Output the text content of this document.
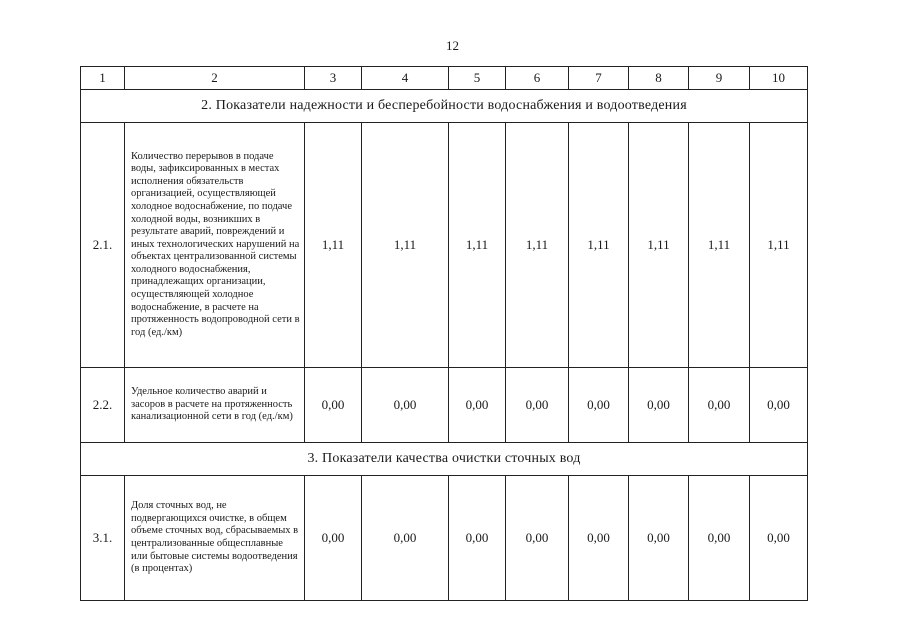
12
1	2	3	4	5	6	7	8	9	10
2. Показатели надежности и бесперебойности водоснабжения и водоотведения									
2.1.	Количество перерывов в подаче воды, зафиксированных в местах исполнения обязательств организацией, осуществляющей холодное водоснабжение, по подаче холодной воды, возникших в результате аварий, повреждений и иных технологических нарушений на объектах централизованной системы холодного водоснабжения, принадлежащих организации, осуществляющей холодное водоснабжение, в расчете на протяженность водопроводной сети в год (ед./км)	1,11	1,11	1,11	1,11	1,11	1,11	1,11	1,11
2.2.	Удельное количество аварий и засоров в расчете на протяженность канализационной сети в год (ед./км)	0,00	0,00	0,00	0,00	0,00	0,00	0,00	0,00
3. Показатели качества очистки сточных вод									
3.1.	Доля сточных вод, не подвергающихся очистке, в общем объеме сточных вод, сбрасываемых в централизованные общесплавные или бытовые системы водоотведения (в процентах)	0,00	0,00	0,00	0,00	0,00	0,00	0,00	0,00
